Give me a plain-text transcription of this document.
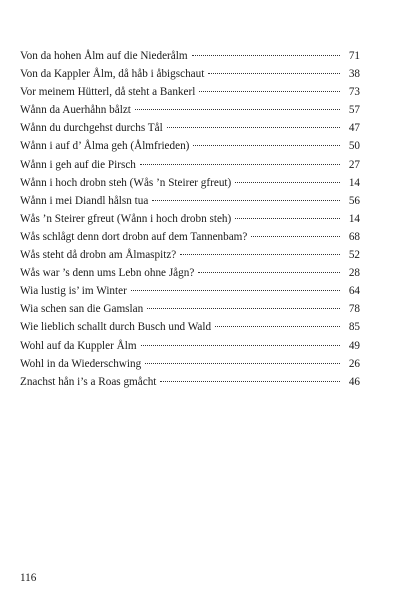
Von da hohen Ålm auf die Niederålm	71
Von da Kappler Ålm, då håb i åbigschaut	38
Vor meinem Hütterl, då steht a Bankerl	73
Wånn da Auerhåhn bålzt	57
Wånn du durchgehst durchs Tål	47
Wånn i auf d’ Ålma geh (Ålmfrieden)	50
Wånn i geh auf die Pirsch	27
Wånn i hoch drobn steh (Wås ’n Steirer gfreut)	14
Wånn i mei Diandl hålsn tua	56
Wås ’n Steirer gfreut (Wånn i hoch drobn steh)	14
Wås schlågt denn dort drobn auf dem Tannenbam?	68
Wås steht då drobn am Ålmaspitz?	52
Wås war ’s denn ums Lebn ohne Jågn?	28
Wia lustig is’ im Winter	64
Wia schen san die Gamslan	78
Wie lieblich schallt durch Busch und Wald	85
Wohl auf da Kuppler Ålm	49
Wohl in da Wiederschwing	26
Znachst hån i’s a Roas gmåcht	46
116
